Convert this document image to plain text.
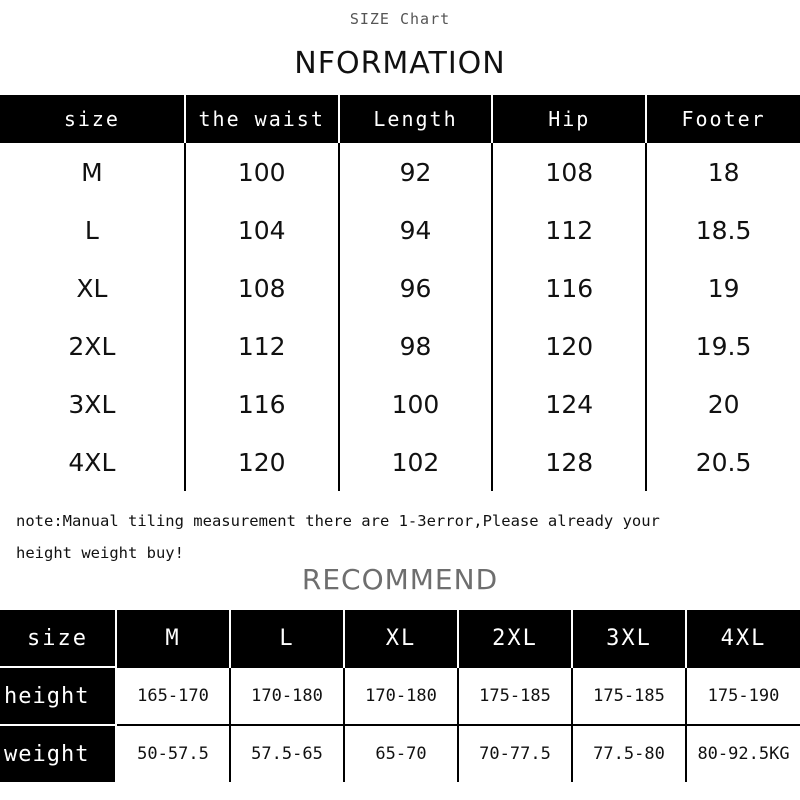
SIZE Chart
NFORMATION
size	the waist	Length	Hip	Footer
M	100	92	108	18
L	104	94	112	18.5
XL	108	96	116	19
2XL	112	98	120	19.5
3XL	116	100	124	20
4XL	120	102	128	20.5
note:Manual tiling measurement there are 1-3error,Please already your
height weight buy!
RECOMMEND
size	M	L	XL	2XL	3XL	4XL
height	165-170	170-180	170-180	175-185	175-185	175-190
weight	50-57.5	57.5-65	65-70	70-77.5	77.5-80	80-92.5KG
